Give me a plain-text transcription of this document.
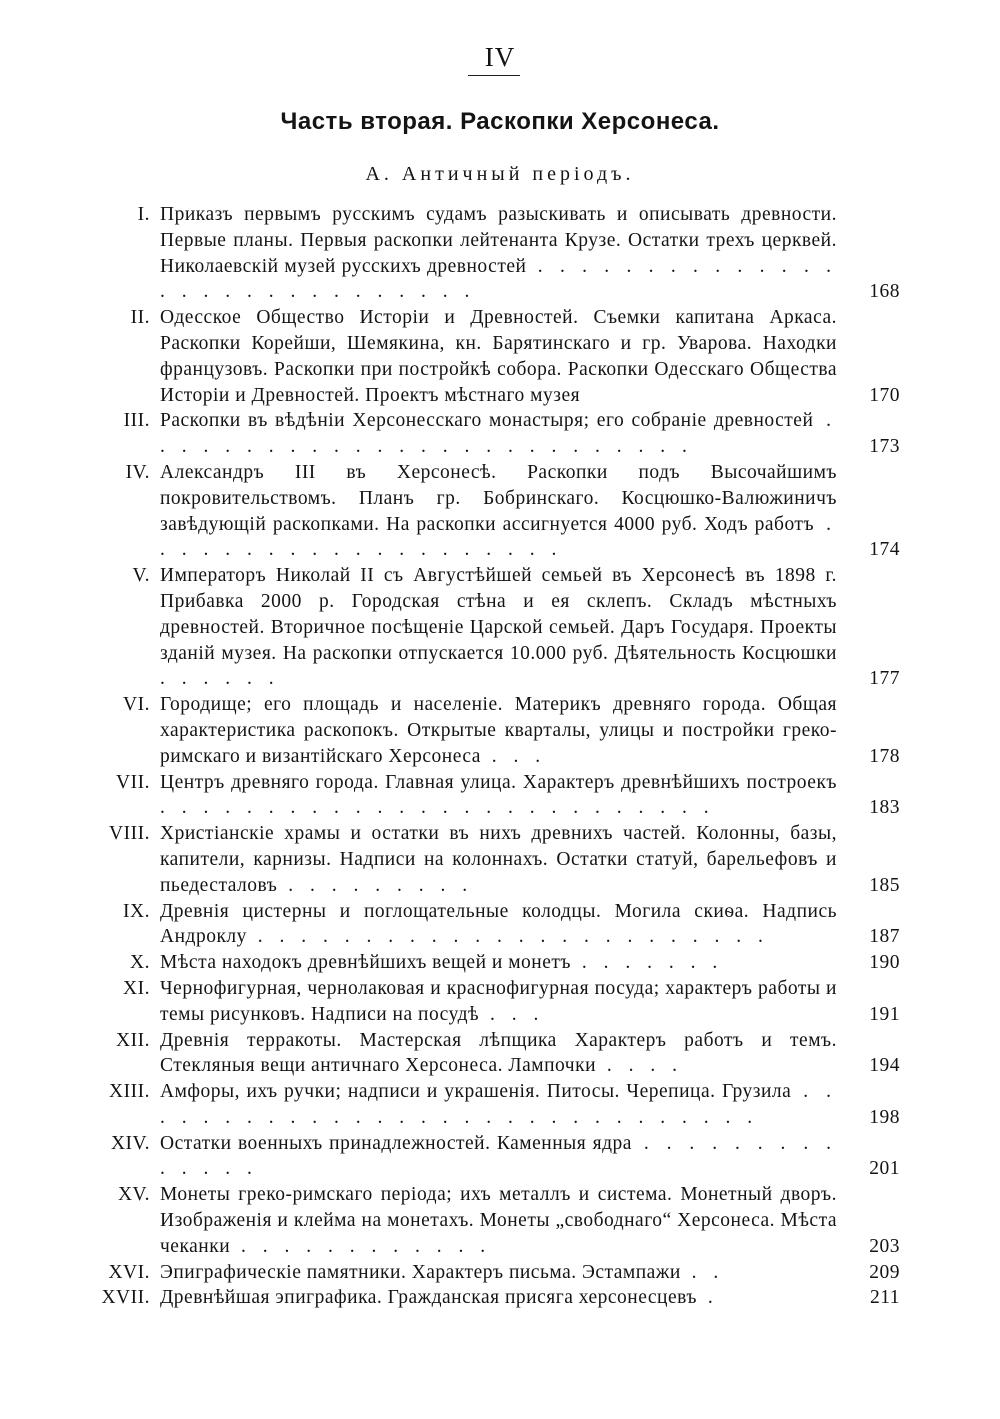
IV
Часть вторая. Раскопки Херсонеса.
А. Античный періодъ.
I. Приказъ первымъ русскимъ судамъ разыскивать и описывать древности. Первые планы. Первыя раскопки лейтенанта Крузе. Остатки трехъ церквей. Николаевскій музей русскихъ древностей . . . . . . . . . . . . . . . . . . . . . . . . . . . . .	168
II. Одесское Общество Исторіи и Древностей. Съемки капитана Аркаса. Раскопки Корейши, Шемякина, кн. Барятинскаго и гр. Уварова. Находки французовъ. Раскопки при постройкѣ собора. Раскопки Одесскаго Общества Исторіи и Древностей. Проектъ мѣстнаго музея	170
III. Раскопки въ вѣдѣніи Херсонесскаго монастыря; его собраніе древностей . . . . . . . . . . . . . . . . . . . . . . . . . .	173
IV. Александръ III въ Херсонесѣ. Раскопки подъ Высочайшимъ покровительствомъ. Планъ гр. Бобринскаго. Косцюшко-Валюжиничъ завѣдующій раскопками. На раскопки ассигнуется 4000 руб. Ходъ работъ . . . . . . . . . . . . . . . . . . . .	174
V. Императоръ Николай II съ Августѣйшей семьей въ Херсонесѣ въ 1898 г. Прибавка 2000 р. Городская стѣна и ея склепъ. Складъ мѣстныхъ древностей. Вторичное посѣщеніе Царской семьей. Даръ Государя. Проекты зданій музея. На раскопки отпускается 10.000 руб. Дѣятельность Косцюшки . . . . . .	177
VI. Городище; его площадь и населеніе. Материкъ древняго города. Общая характеристика раскопокъ. Открытые кварталы, улицы и постройки греко-римскаго и византійскаго Херсонеса . . .	178
VII. Центръ древняго города. Главная улица. Характеръ древнѣйшихъ построекъ . . . . . . . . . . . . . . . . . . . . . . . . . .	183
VIII. Христіанскіе храмы и остатки въ нихъ древнихъ частей. Колонны, базы, капители, карнизы. Надписи на колоннахъ. Остатки статуй, барельефовъ и пьедесталовъ . . . . . . . . .	185
IX. Древнія цистерны и поглощательные колодцы. Могила скиѳа. Надпись Андроклу . . . . . . . . . . . . . . . . . . . . . . . .	187
X. Мѣста находокъ древнѣйшихъ вещей и монетъ . . . . . . .	190
XI. Чернофигурная, чернолаковая и краснофигурная посуда; характеръ работы и темы рисунковъ. Надписи на посудѣ . . .	191
XII. Древнія терракоты. Мастерская лѣпщика Характеръ работъ и темъ. Стекляныя вещи античнаго Херсонеса. Лампочки . . . .	194
XIII. Амфоры, ихъ ручки; надписи и украшенія. Питосы. Черепица. Грузила . . . . . . . . . . . . . . . . . . . . . . . . . . . . . .	198
XIV. Остатки военныхъ принадлежностей. Каменныя ядра . . . . . . . . . . . . . .	201
XV. Монеты греко-римскаго періода; ихъ металлъ и система. Монетный дворъ. Изображенія и клейма на монетахъ. Монеты „свободнаго“ Херсонеса. Мѣста чеканки . . . . . . . . . . . .	203
XVI. Эпиграфическіе памятники. Характеръ письма. Эстампажи . .	209
XVII. Древнѣйшая эпиграфика. Гражданская присяга херсонесцевъ .	211
